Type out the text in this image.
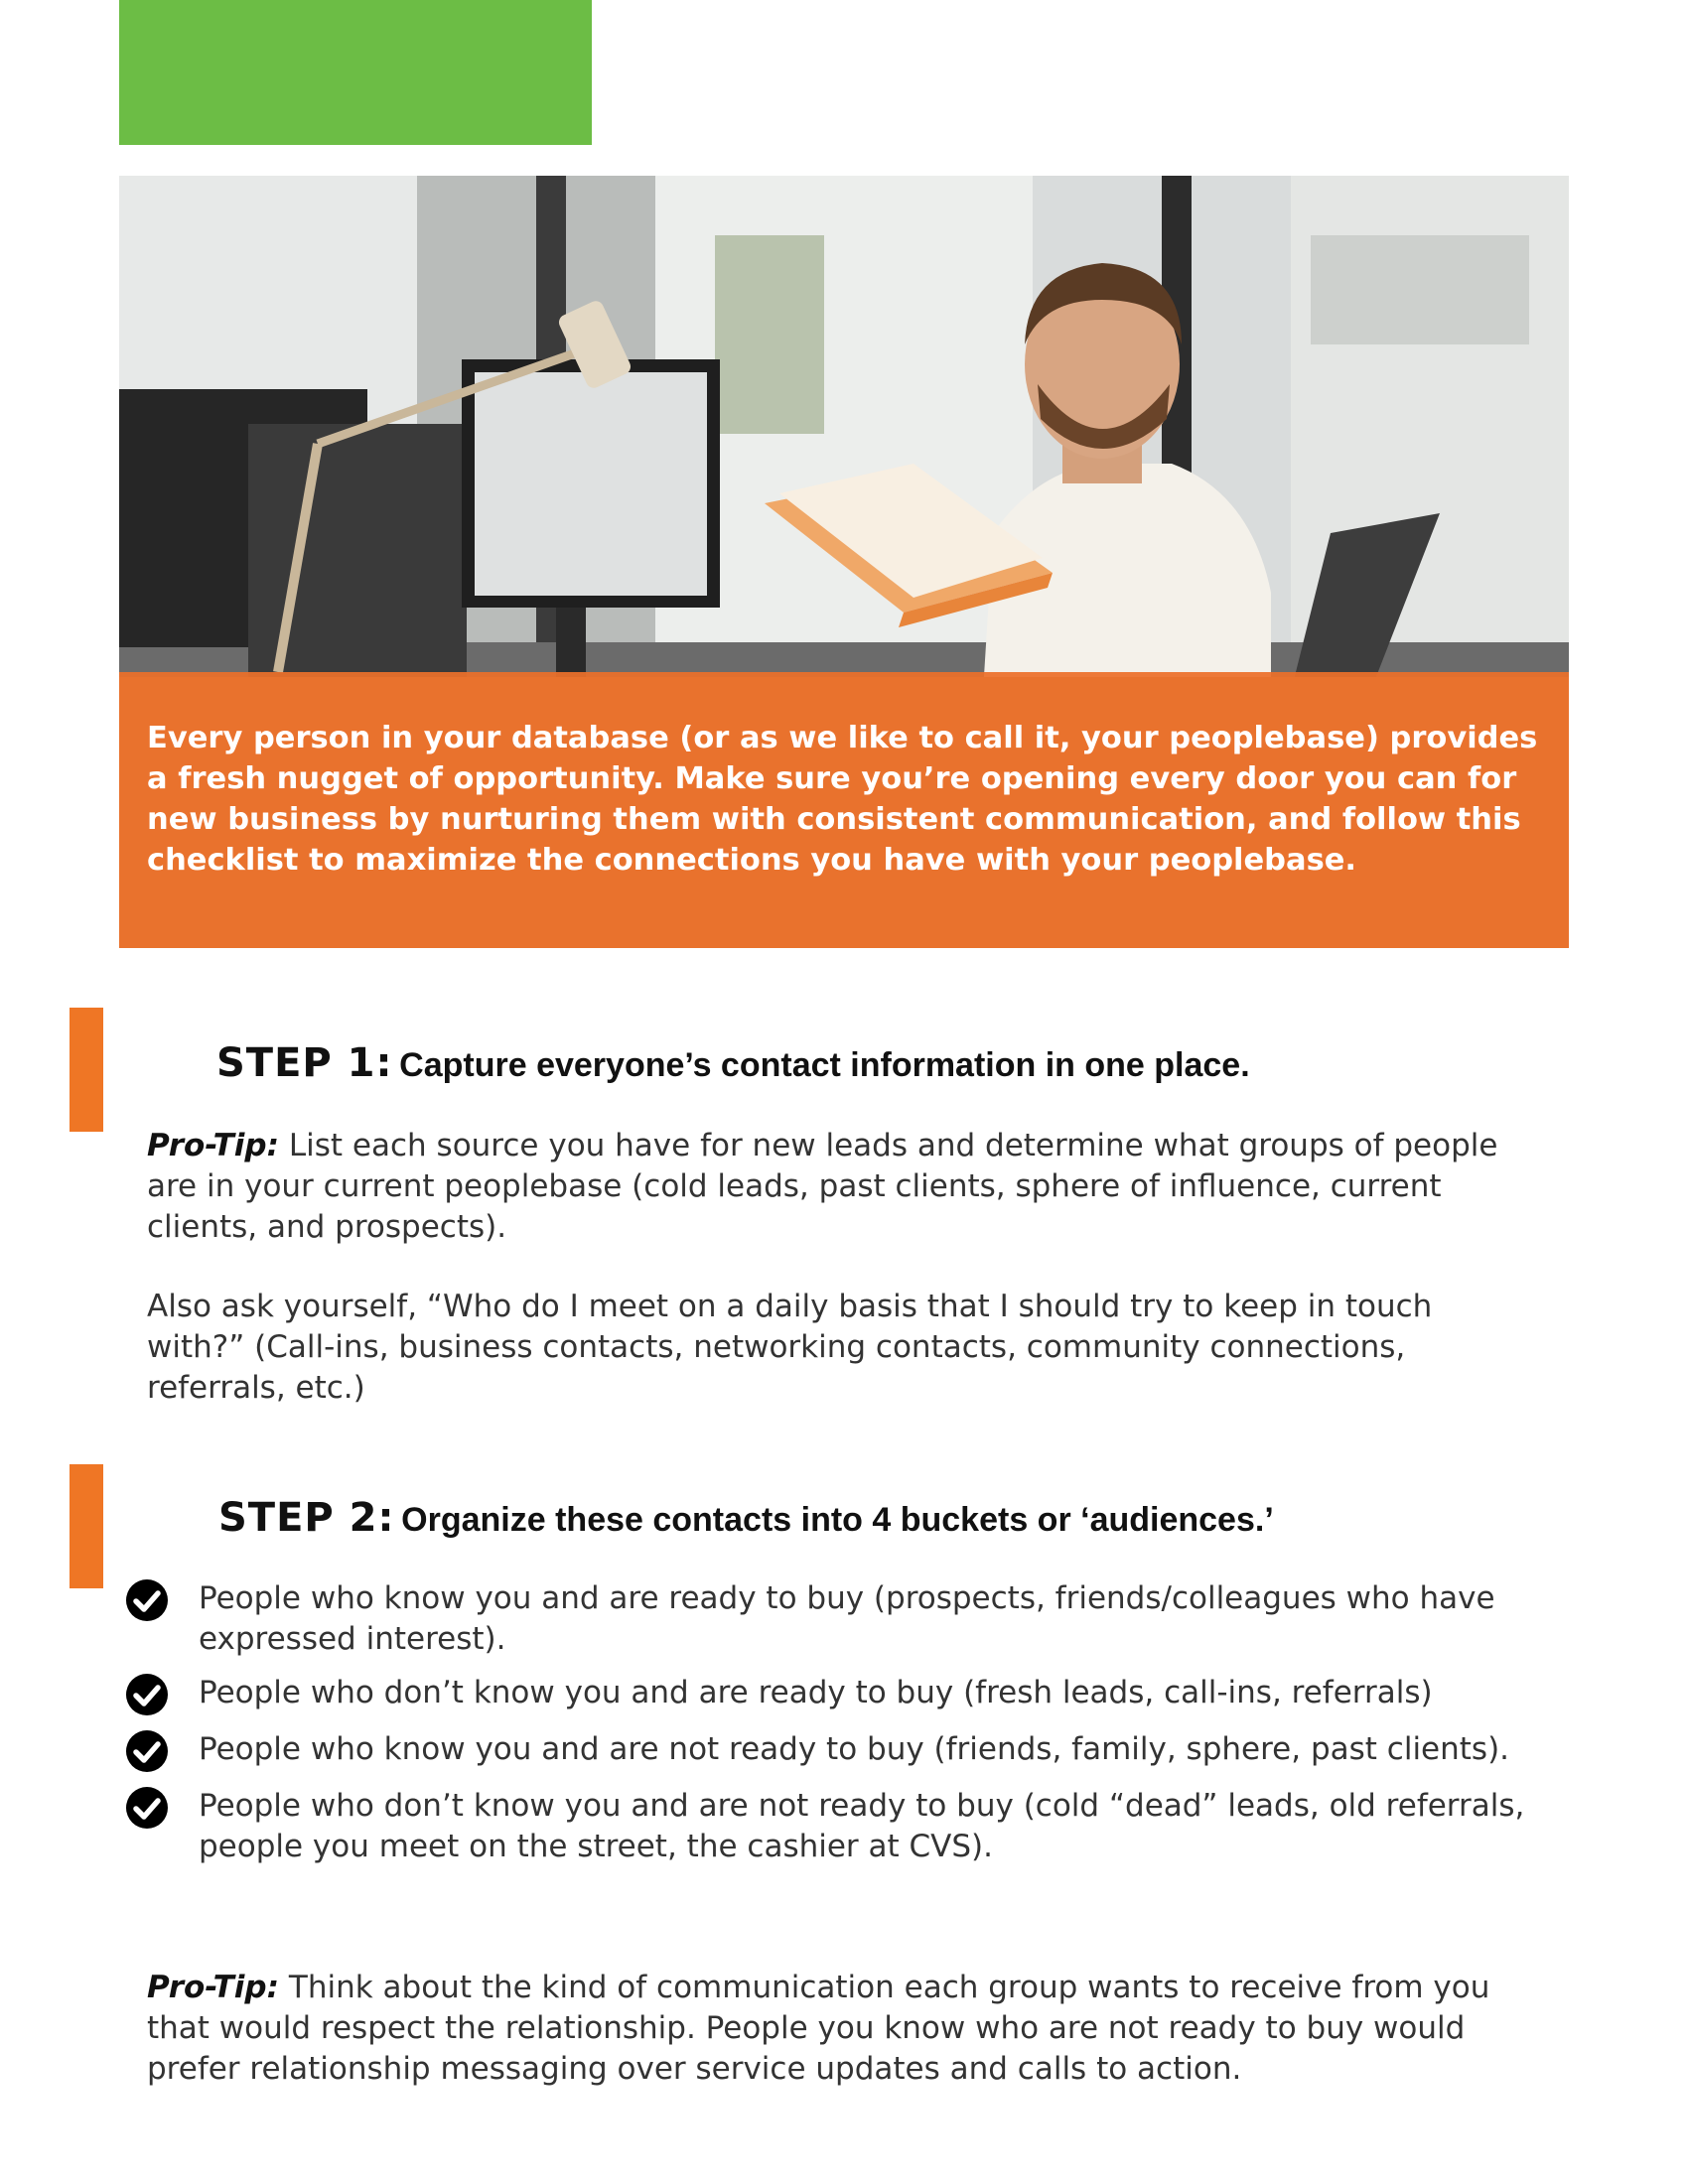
Every person in your database (or as we like to call it, your peoplebase) provides a fresh nugget of opportunity. Make sure you’re opening every door you can for new business by nurturing them with consistent communication, and follow this checklist to maximize the connections you have with your peoplebase.

STEP 1: Capture everyone’s contact information in one place.

Pro-Tip: List each source you have for new leads and determine what groups of people are in your current peoplebase (cold leads, past clients, sphere of influence, current clients, and prospects).

Also ask yourself, “Who do I meet on a daily basis that I should try to keep in touch with?” (Call-ins, business contacts, networking contacts, community connections, referrals, etc.)

STEP 2: Organize these contacts into 4 buckets or ‘audiences.’
People who know you and are ready to buy (prospects, friends/colleagues who have expressed interest).
People who don’t know you and are ready to buy (fresh leads, call-ins, referrals)
People who know you and are not ready to buy (friends, family, sphere, past clients).
People who don’t know you and are not ready to buy (cold “dead” leads, old referrals, people you meet on the street, the cashier at CVS).

Pro-Tip: Think about the kind of communication each group wants to receive from you that would respect the relationship. People you know who are not ready to buy would prefer relationship messaging over service updates and calls to action.
